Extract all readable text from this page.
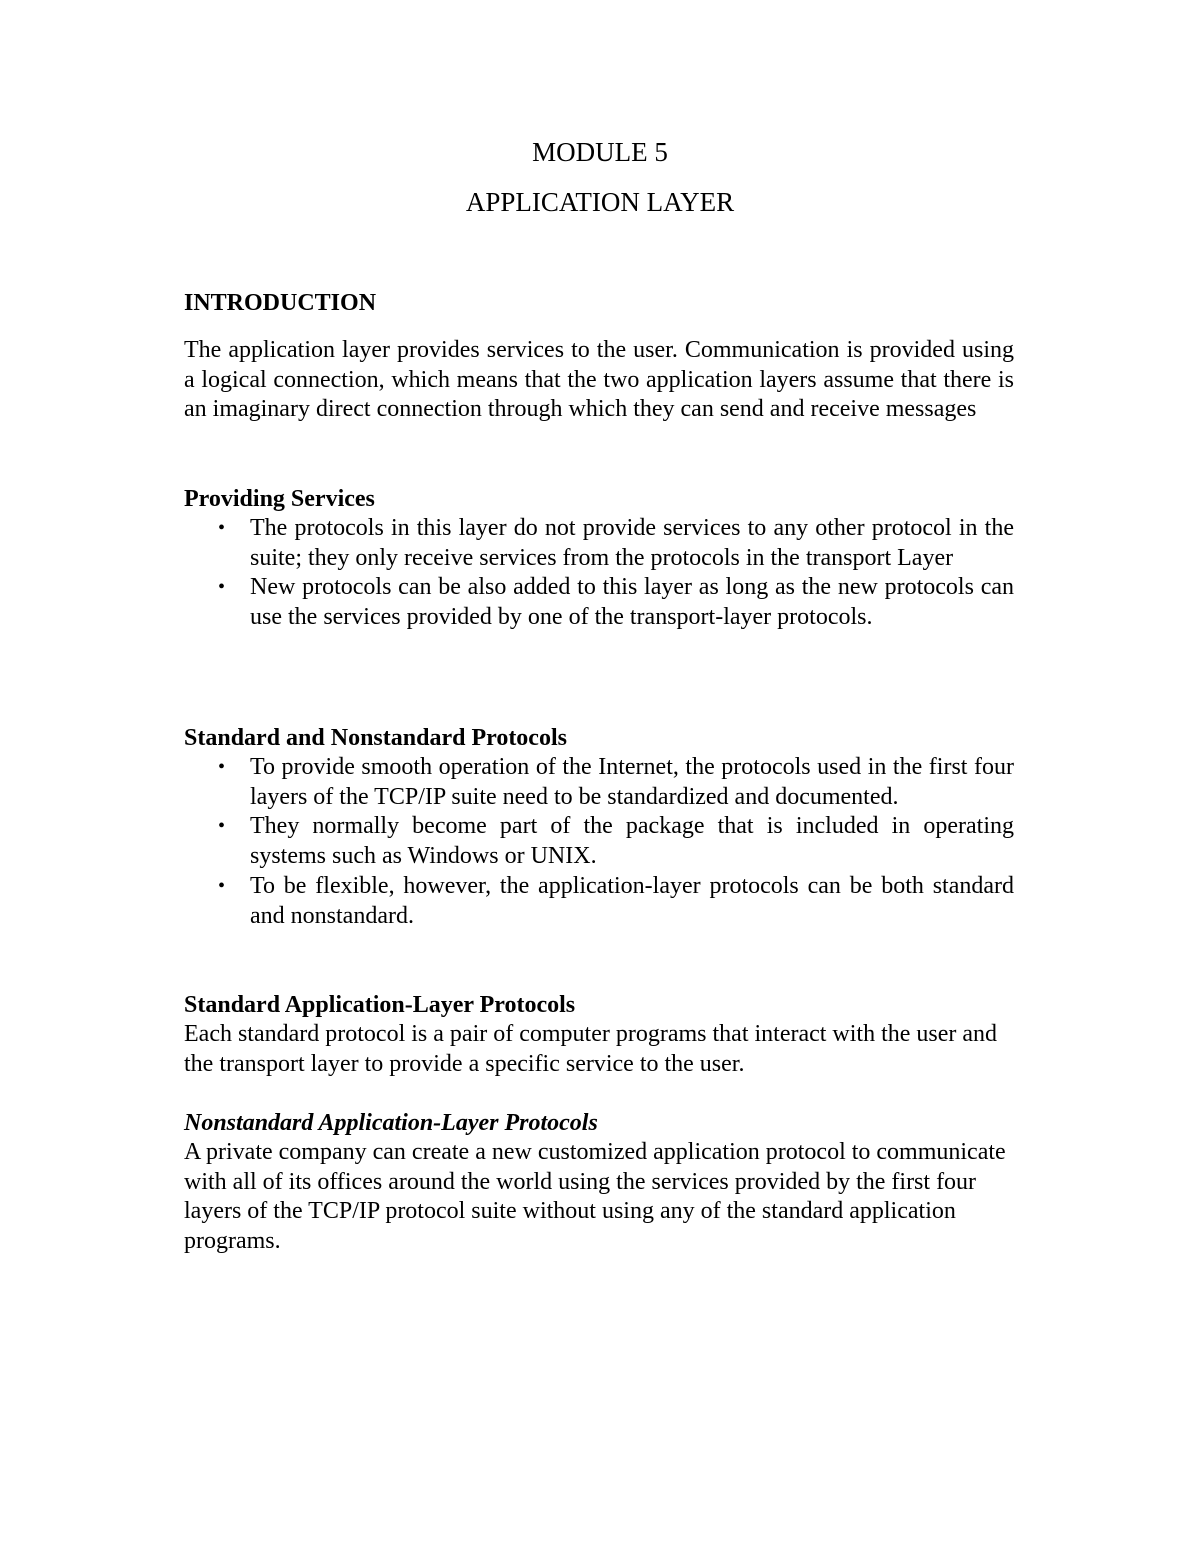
MODULE 5
APPLICATION LAYER
INTRODUCTION
The application layer provides services to the user. Communication is provided using a logical connection, which means that the two application layers assume that there is an imaginary direct connection through which they can send and receive messages
Providing Services
• The protocols in this layer do not provide services to any other protocol in the suite; they only receive services from the protocols in the transport Layer
• New protocols can be also added to this layer as long as the new protocols can use the services provided by one of the transport-layer protocols.
Standard and Nonstandard Protocols
• To provide smooth operation of the Internet, the protocols used in the first four layers of the TCP/IP suite need to be standardized and documented.
• They normally become part of the package that is included in operating systems such as Windows or UNIX.
• To be flexible, however, the application-layer protocols can be both standard and nonstandard.
Standard Application-Layer Protocols
Each standard protocol is a pair of computer programs that interact with the user and the transport layer to provide a specific service to the user.
Nonstandard Application-Layer Protocols
A private company can create a new customized application protocol to communicate with all of its offices around the world using the services provided by the first four layers of the TCP/IP protocol suite without using any of the standard application programs.
